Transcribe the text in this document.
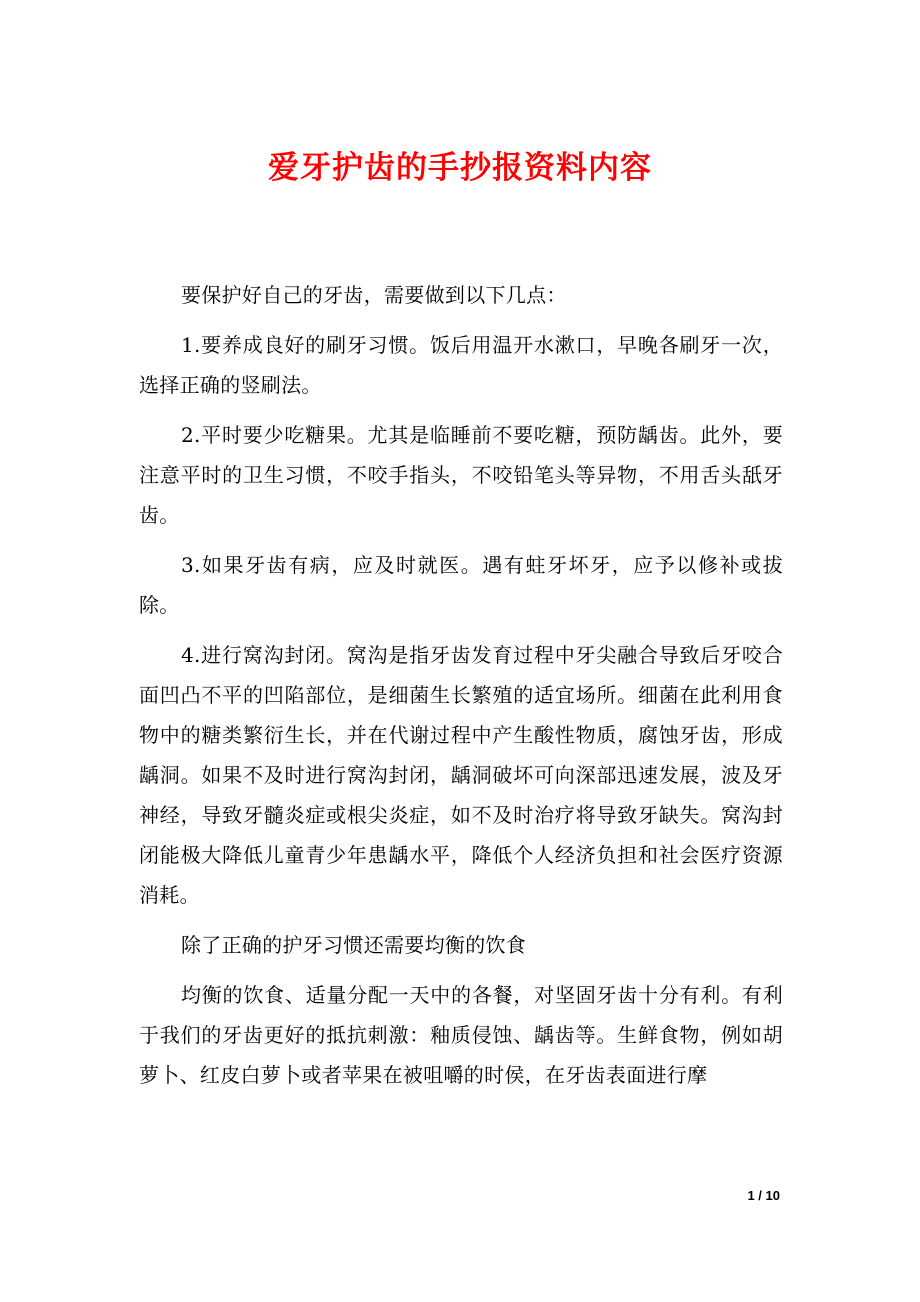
爱牙护齿的手抄报资料内容

要保护好自己的牙齿，需要做到以下几点：

1.要养成良好的刷牙习惯。饭后用温开水漱口，早晚各刷牙一次，选择正确的竖刷法。

2.平时要少吃糖果。尤其是临睡前不要吃糖，预防龋齿。此外，要注意平时的卫生习惯，不咬手指头，不咬铅笔头等异物，不用舌头舐牙齿。

3.如果牙齿有病，应及时就医。遇有蛀牙坏牙，应予以修补或拔除。

4.进行窝沟封闭。窝沟是指牙齿发育过程中牙尖融合导致后牙咬合面凹凸不平的凹陷部位，是细菌生长繁殖的适宜场所。细菌在此利用食物中的糖类繁衍生长，并在代谢过程中产生酸性物质，腐蚀牙齿，形成龋洞。如果不及时进行窝沟封闭，龋洞破坏可向深部迅速发展，波及牙神经，导致牙髓炎症或根尖炎症，如不及时治疗将导致牙缺失。窝沟封闭能极大降低儿童青少年患龋水平，降低个人经济负担和社会医疗资源消耗。

除了正确的护牙习惯还需要均衡的饮食

均衡的饮食、适量分配一天中的各餐，对坚固牙齿十分有利。有利于我们的牙齿更好的抵抗刺激：釉质侵蚀、龋齿等。生鲜食物，例如胡萝卜、红皮白萝卜或者苹果在被咀嚼的时侯，在牙齿表面进行摩

1 / 10
